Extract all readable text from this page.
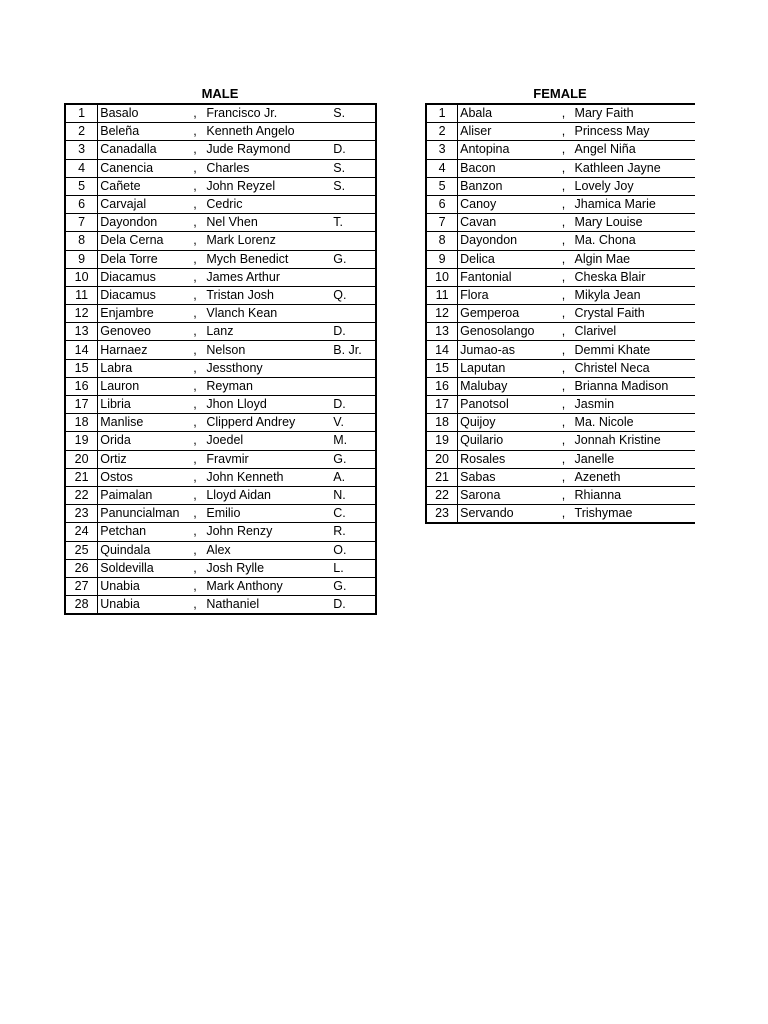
MALE
1	Basalo	,	Francisco Jr.	S.
2	Beleña	,	Kenneth Angelo	
3	Canadalla	,	Jude Raymond	D.
4	Canencia	,	Charles	S.
5	Cañete	,	John Reyzel	S.
6	Carvajal	,	Cedric	
7	Dayondon	,	Nel Vhen	T.
8	Dela Cerna	,	Mark Lorenz	
9	Dela Torre	,	Mych Benedict	G.
10	Diacamus	,	James Arthur	
11	Diacamus	,	Tristan Josh	Q.
12	Enjambre	,	Vlanch Kean	
13	Genoveo	,	Lanz	D.
14	Harnaez	,	Nelson	B. Jr.
15	Labra	,	Jessthony	
16	Lauron	,	Reyman	
17	Libria	,	Jhon Lloyd	D.
18	Manlise	,	Clipperd Andrey	V.
19	Orida	,	Joedel	M.
20	Ortiz	,	Fravmir	G.
21	Ostos	,	John Kenneth	A.
22	Paimalan	,	Lloyd Aidan	N.
23	Panuncialman	,	Emilio	C.
24	Petchan	,	John Renzy	R.
25	Quindala	,	Alex	O.
26	Soldevilla	,	Josh Rylle	L.
27	Unabia	,	Mark Anthony	G.
28	Unabia	,	Nathaniel	D.
FEMALE
1	Abala	,	Mary Faith
2	Aliser	,	Princess May
3	Antopina	,	Angel Niña
4	Bacon	,	Kathleen Jayne
5	Banzon	,	Lovely Joy
6	Canoy	,	Jhamica Marie
7	Cavan	,	Mary Louise
8	Dayondon	,	Ma. Chona
9	Delica	,	Algin Mae
10	Fantonial	,	Cheska Blair
11	Flora	,	Mikyla Jean
12	Gemperoa	,	Crystal Faith
13	Genosolango	,	Clarivel
14	Jumao-as	,	Demmi Khate
15	Laputan	,	Christel Neca
16	Malubay	,	Brianna Madison
17	Panotsol	,	Jasmin
18	Quijoy	,	Ma. Nicole
19	Quilario	,	Jonnah Kristine
20	Rosales	,	Janelle
21	Sabas	,	Azeneth
22	Sarona	,	Rhianna
23	Servando	,	Trishymae
